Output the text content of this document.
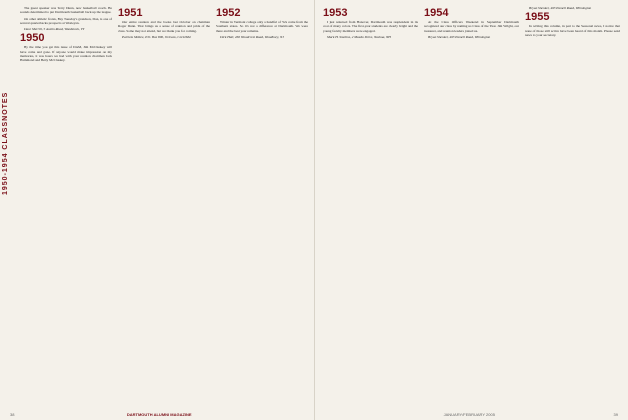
1950-1954 CLASSNOTES

The guest speaker was Terry Dunn, new basketball coach. He sounds determined to put Dartmouth basketball back up the league.

On other athletic fronts, Bay Tuesday's grandson, Don, is one of several quarterbacks prospects at Wesleyan.

Dave Merrill, 5 Austin Road, Woodstock, VT

1950

By the time you get this issue of DAM, Jim McCluskey will have come and gone. If anyone would make impression on my memories, it was hours we had with your reunion chairman Jack Hammond and Betty McCluskey.

1951

Our entire reunion and the books last October on chairman Roger Dunn. That brings us a sense of reunion and pride of the class. Some may not attend, but we thank you for coming.

Patricia McKee, P.O. Box 896, Orleans, CA 92662

1952

Winter in Vermont college only a handful of '52s come from the Southern states. So it's not a difference at Dartmouth. We were there and the best year remains.

Dick Hall, 260 Woodcrest Road, Woodbury, NJ

38	DARTMOUTH ALUMNI MAGAZINE
1953

I just returned from Hanover, Dartmouth was resplendent in its coat of many colors. The first-year students are clearly bright and the young faculty members were engaged.

Mark H. Smolins, 2 Meado Drive, Nashua, NH

1954

At the Class Officers Weekend in September Dartmouth recognized our class by naming us Class of the Year. Jim Wright, our treasurer, and reunion leaders joined us.

Bryan Shenker, 403 Pamell Road, Wilmington

Bryan Shenker, 403 Pamell Road, Wilmington

1955

In writing this column, in part to the Seasonal news, I notice that none of those still active have been heard of this month. Please send news to your secretary.

JANUARY/FEBRUARY 2005	39
